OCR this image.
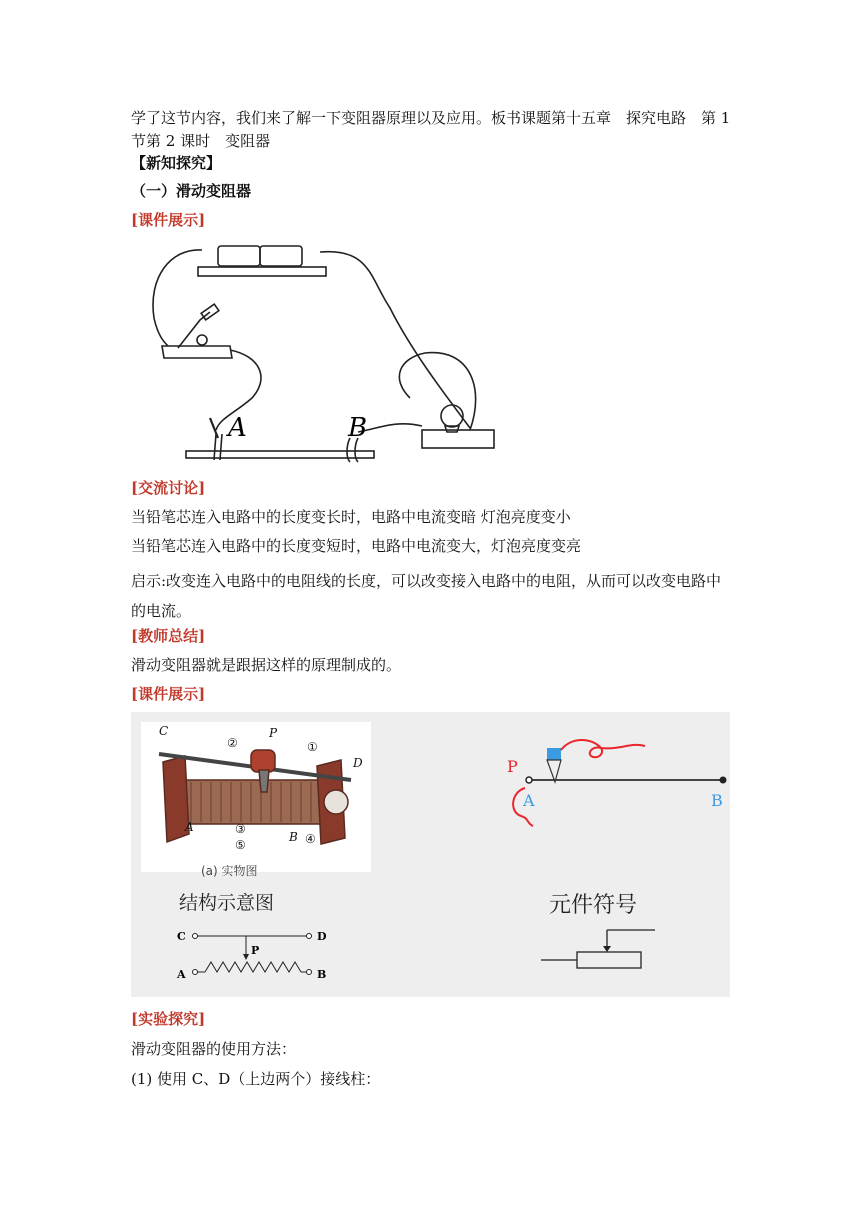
学了这节内容，我们来了解一下变阻器原理以及应用。板书课题第十五章　探究电路　第 1
节第 2 课时　变阻器
【新知探究】
（一）滑动变阻器
[课件展示]
A	B
[交流讨论]
当铅笔芯连入电路中的长度变长时，电路中电流变暗 灯泡亮度变小
当铅笔芯连入电路中的长度变短时，电路中电流变大，灯泡亮度变亮
启示:改变连入电路中的电阻线的长度，可以改变接入电路中的电阻，从而可以改变电路中的电流。
[教师总结]
滑动变阻器就是跟据这样的原理制成的。
[课件展示]
C	P
D
②	①
A	③
B ④
⑤
(a) 实物图
P
A	B
结构示意图	元件符号
C	D
P
A	B
[实验探究]
滑动变阻器的使用方法：
(1) 使用 C、D（上边两个）接线柱：
